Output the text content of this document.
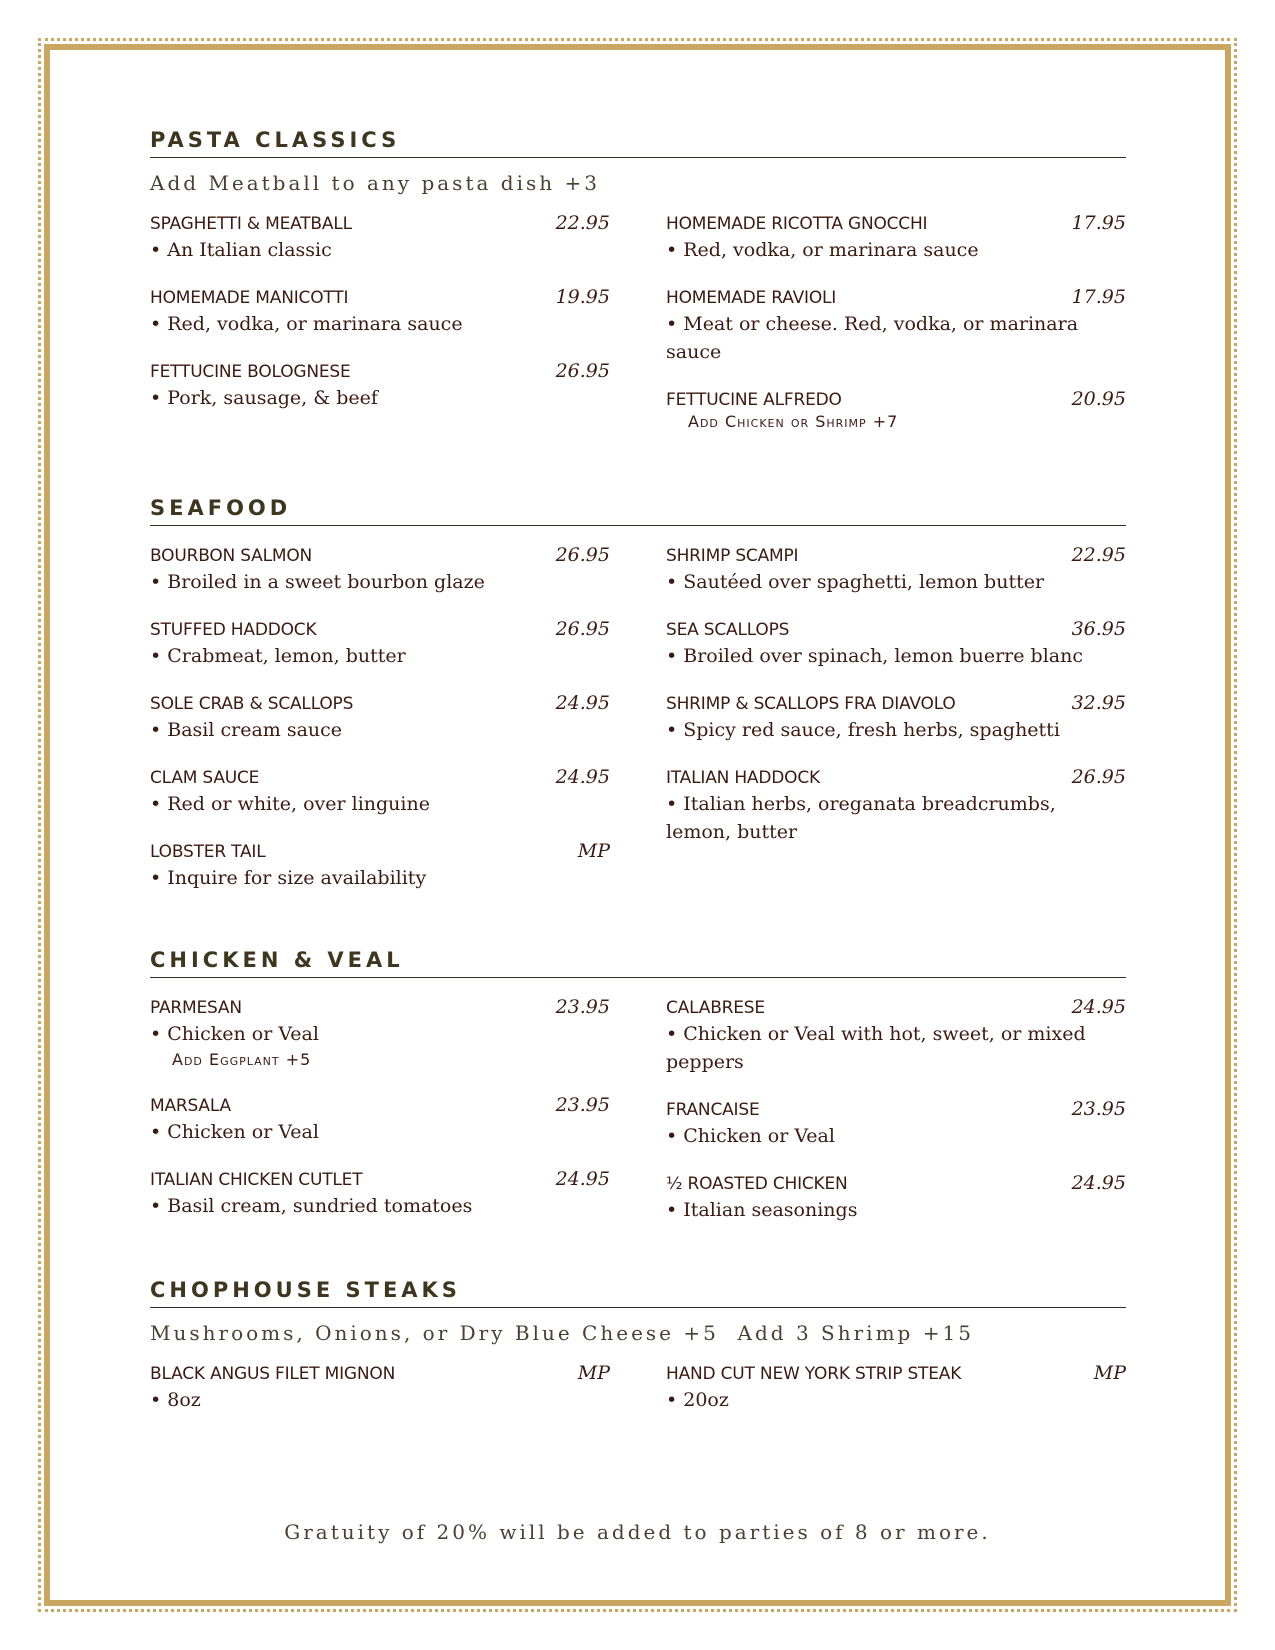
PASTA CLASSICS
Add Meatball to any pasta dish +3
SPAGHETTI & MEATBALL	22.95
• An Italian classic
HOMEMADE MANICOTTI	19.95
• Red, vodka, or marinara sauce
FETTUCINE BOLOGNESE	26.95
• Pork, sausage, & beef
HOMEMADE RICOTTA GNOCCHI	17.95
• Red, vodka, or marinara sauce
HOMEMADE RAVIOLI	17.95
• Meat or cheese. Red, vodka, or marinara sauce
FETTUCINE ALFREDO	20.95
Add Chicken or Shrimp +7
SEAFOOD
BOURBON SALMON	26.95
• Broiled in a sweet bourbon glaze
STUFFED HADDOCK	26.95
• Crabmeat, lemon, butter
SOLE CRAB & SCALLOPS	24.95
• Basil cream sauce
CLAM SAUCE	24.95
• Red or white, over linguine
LOBSTER TAIL	MP
• Inquire for size availability
SHRIMP SCAMPI	22.95
• Sautéed over spaghetti, lemon butter
SEA SCALLOPS	36.95
• Broiled over spinach, lemon buerre blanc
SHRIMP & SCALLOPS FRA DIAVOLO	32.95
• Spicy red sauce, fresh herbs, spaghetti
ITALIAN HADDOCK	26.95
• Italian herbs, oreganata breadcrumbs, lemon, butter
CHICKEN & VEAL
PARMESAN	23.95
• Chicken or Veal
Add Eggplant +5
MARSALA	23.95
• Chicken or Veal
ITALIAN CHICKEN CUTLET	24.95
• Basil cream, sundried tomatoes
CALABRESE	24.95
• Chicken or Veal with hot, sweet, or mixed peppers
FRANCAISE	23.95
• Chicken or Veal
½ ROASTED CHICKEN	24.95
• Italian seasonings
CHOPHOUSE STEAKS
Mushrooms, Onions, or Dry Blue Cheese +5  Add 3 Shrimp +15
BLACK ANGUS FILET MIGNON	MP
• 8oz
HAND CUT NEW YORK STRIP STEAK	MP
• 20oz
Gratuity of 20% will be added to parties of 8 or more.
